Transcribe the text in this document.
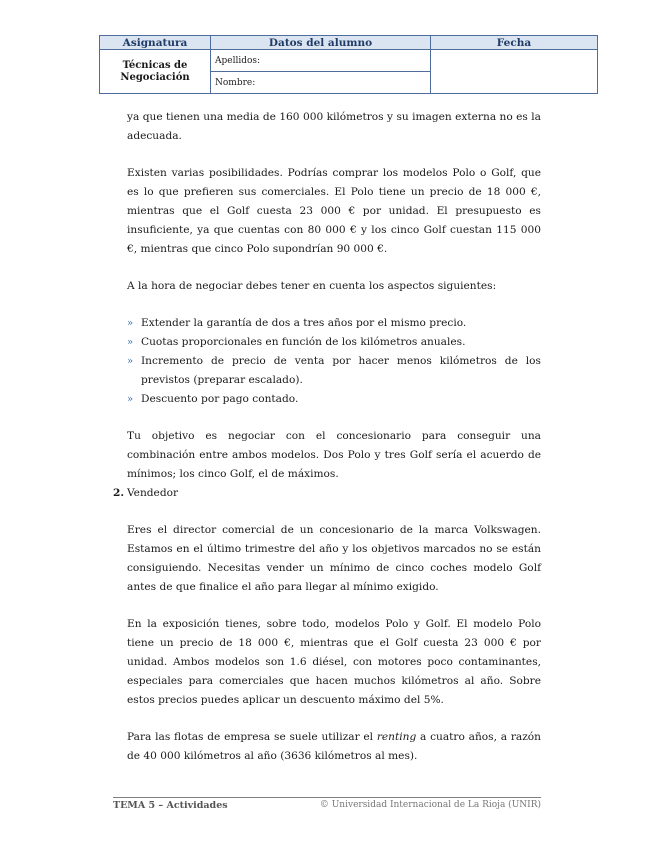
Asignatura	Datos del alumno	Fecha
Técnicas de
Negociación	Apellidos:	
	Nombre:	

ya que tienen una media de 160 000 kilómetros y su imagen externa no es la adecuada.

Existen varias posibilidades. Podrías comprar los modelos Polo o Golf, que es lo que prefieren sus comerciales. El Polo tiene un precio de 18 000 €, mientras que el Golf cuesta 23 000 € por unidad. El presupuesto es insuficiente, ya que cuentas con 80 000 € y los cinco Golf cuestan 115 000 €, mientras que cinco Polo supondrían 90 000 €.

A la hora de negociar debes tener en cuenta los aspectos siguientes:

» Extender la garantía de dos a tres años por el mismo precio.
» Cuotas proporcionales en función de los kilómetros anuales.
» Incremento de precio de venta por hacer menos kilómetros de los previstos (preparar escalado).
» Descuento por pago contado.

Tu objetivo es negociar con el concesionario para conseguir una combinación entre ambos modelos. Dos Polo y tres Golf sería el acuerdo de mínimos; los cinco Golf, el de máximos.

2. Vendedor

Eres el director comercial de un concesionario de la marca Volkswagen. Estamos en el último trimestre del año y los objetivos marcados no se están consiguiendo. Necesitas vender un mínimo de cinco coches modelo Golf antes de que finalice el año para llegar al mínimo exigido.

En la exposición tienes, sobre todo, modelos Polo y Golf. El modelo Polo tiene un precio de 18 000 €, mientras que el Golf cuesta 23 000 € por unidad. Ambos modelos son 1.6 diésel, con motores poco contaminantes, especiales para comerciales que hacen muchos kilómetros al año. Sobre estos precios puedes aplicar un descuento máximo del 5%.

Para las flotas de empresa se suele utilizar el renting a cuatro años, a razón de 40 000 kilómetros al año (3636 kilómetros al mes).

TEMA 5 – Actividades	© Universidad Internacional de La Rioja (UNIR)
